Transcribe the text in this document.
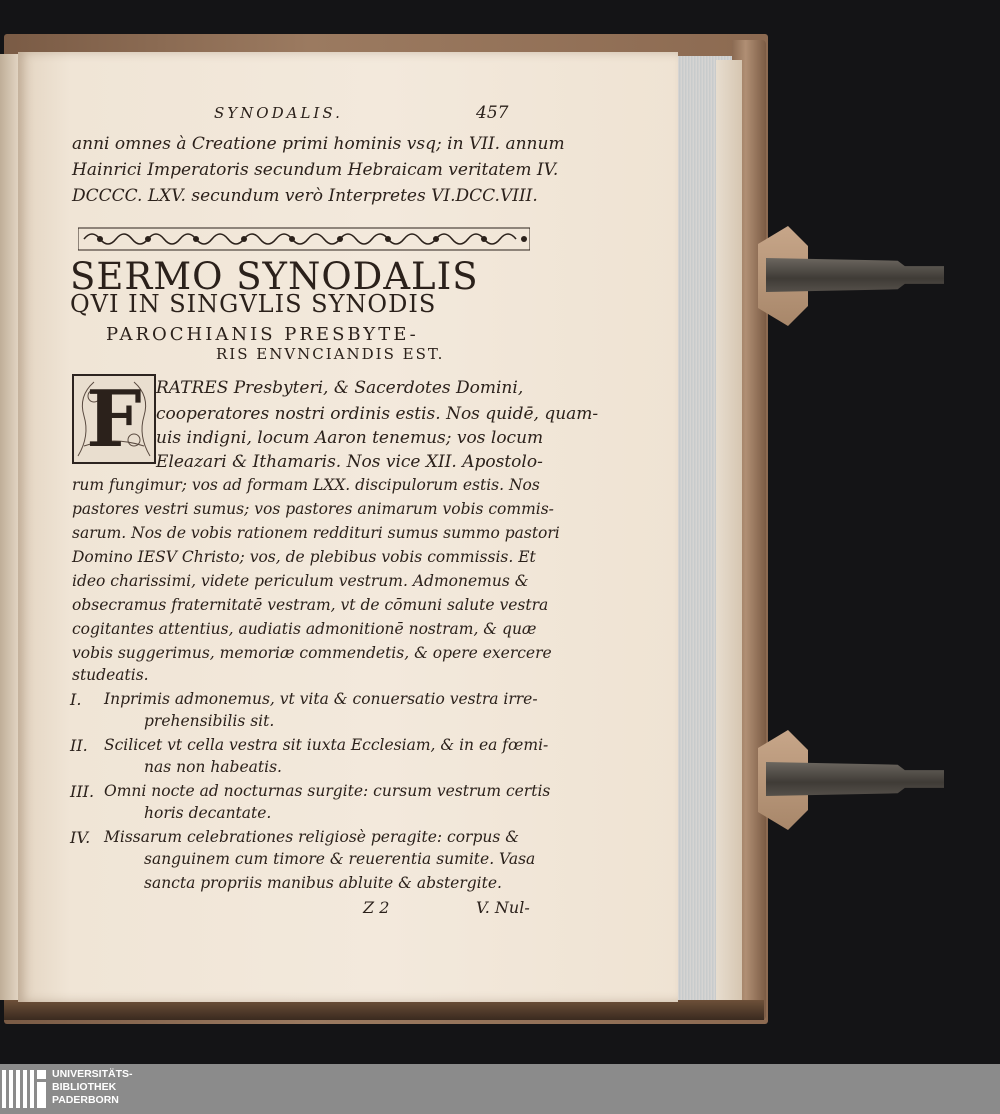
SYNODALIS.	457
anni omnes à Creatione primi hominis vsq; in VII. annum
Hainrici Imperatoris secundum Hebraicam veritatem IV.
DCCCC. LXV. secundum verò Interpretes VI.DCC.VIII.
SERMO SYNODALIS
QVI IN SINGVLIS SYNODIS
PAROCHIANIS PRESBYTE-
RIS ENVNCIANDIS EST.
F RATRES Presbyteri, & Sacerdotes Domini,
cooperatores nostri ordinis estis. Nos quidē, quam-
uis indigni, locum Aaron tenemus; vos locum
Eleazari & Ithamaris. Nos vice XII. Apostolo-
rum fungimur; vos ad formam LXX. discipulorum estis. Nos
pastores vestri sumus; vos pastores animarum vobis commis-
sarum. Nos de vobis rationem reddituri sumus summo pastori
Domino IESV Christo; vos, de plebibus vobis commissis. Et
ideo charissimi, videte periculum vestrum. Admonemus &
obsecramus fraternitatē vestram, vt de cōmuni salute vestra
cogitantes attentius, audiatis admonitionē nostram, & quæ
vobis suggerimus, memoriæ commendetis, & opere exercere
studeatis.
I. Inprimis admonemus, vt vita & conuersatio vestra irre-
prehensibilis sit.
II. Scilicet vt cella vestra sit iuxta Ecclesiam, & in ea fœmi-
nas non habeatis.
III. Omni nocte ad nocturnas surgite: cursum vestrum certis
horis decantate.
IV. Missarum celebrationes religiosè peragite: corpus &
sanguinem cum timore & reuerentia sumite. Vasa
sancta propriis manibus abluite & abstergite.
Z 2	V. Nul-
UNIVERSITÄTS-
BIBLIOTHEK
PADERBORN
